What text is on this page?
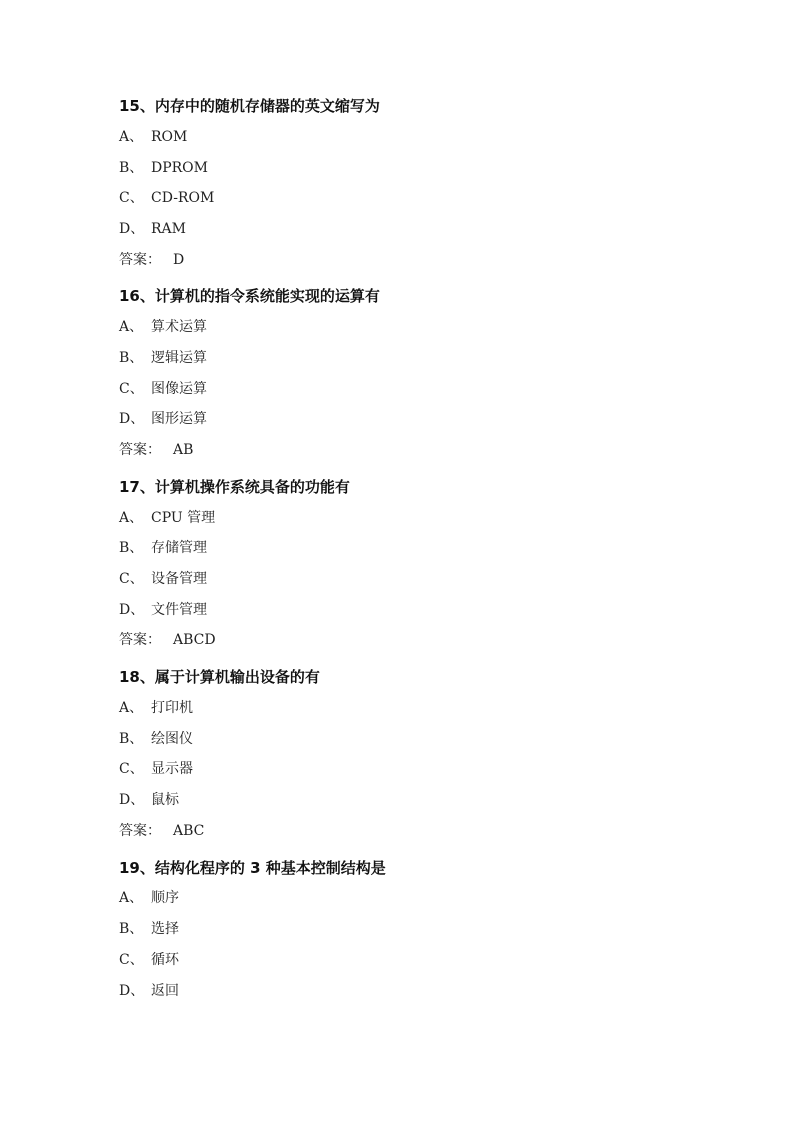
15、内存中的随机存储器的英文缩写为
A、 ROM
B、 DPROM
C、 CD-ROM
D、 RAM
答案： D
16、计算机的指令系统能实现的运算有
A、 算术运算
B、 逻辑运算
C、 图像运算
D、 图形运算
答案： AB
17、计算机操作系统具备的功能有
A、 CPU 管理
B、 存储管理
C、 设备管理
D、 文件管理
答案： ABCD
18、属于计算机输出设备的有
A、 打印机
B、 绘图仪
C、 显示器
D、 鼠标
答案： ABC
19、结构化程序的 3 种基本控制结构是
A、 顺序
B、 选择
C、 循环
D、 返回
